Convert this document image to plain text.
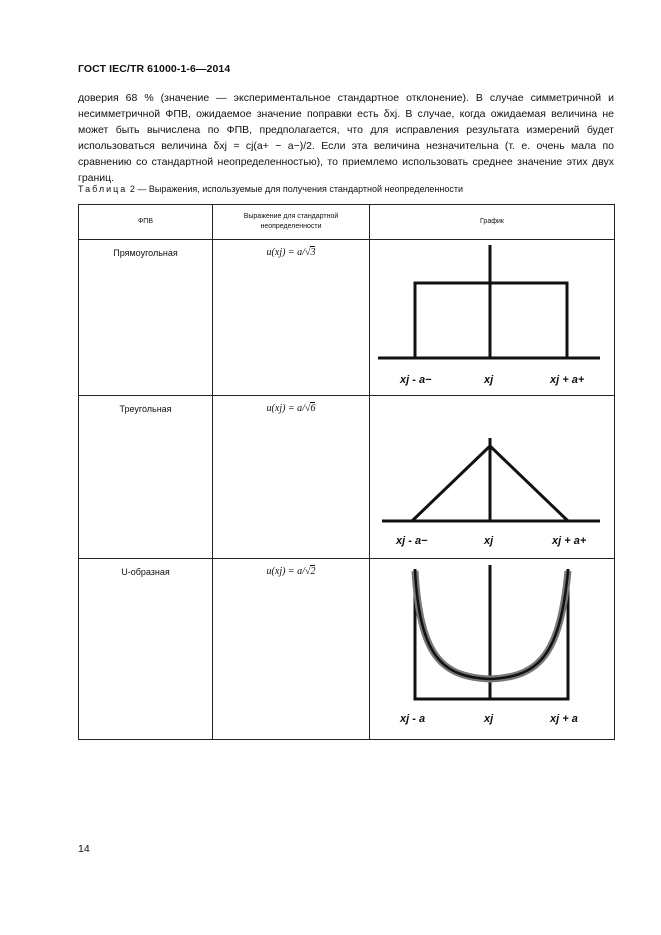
ГОСТ IEC/TR 61000-1-6—2014

доверия 68 % (значение — экспериментальное стандартное отклонение). В случае симметричной и несимметричной ФПВ, ожидаемое значение поправки есть δxj. В случае, когда ожидаемая величина не может быть вычислена по ФПВ, предполагается, что для исправления результата измерений будет использоваться величина δxj = cj(a+ − a−)/2. Если эта величина незначительна (т. е. очень мала по сравнению со стандартной неопределенностью), то приемлемо использовать среднее значение этих двух границ.

Таблица 2 — Выражения, используемые для получения стандартной неопределенности
ФПВ	Выражение для стандартной неопределенности	График
Прямоугольная	u(xj) = a/√3	xj - a− xj xj + a+

Треугольная	u(xj) = a/√6	xj - a− xj xj + a+

U-образная	u(xj) = a/√2	xj - a xj xj + a
14
